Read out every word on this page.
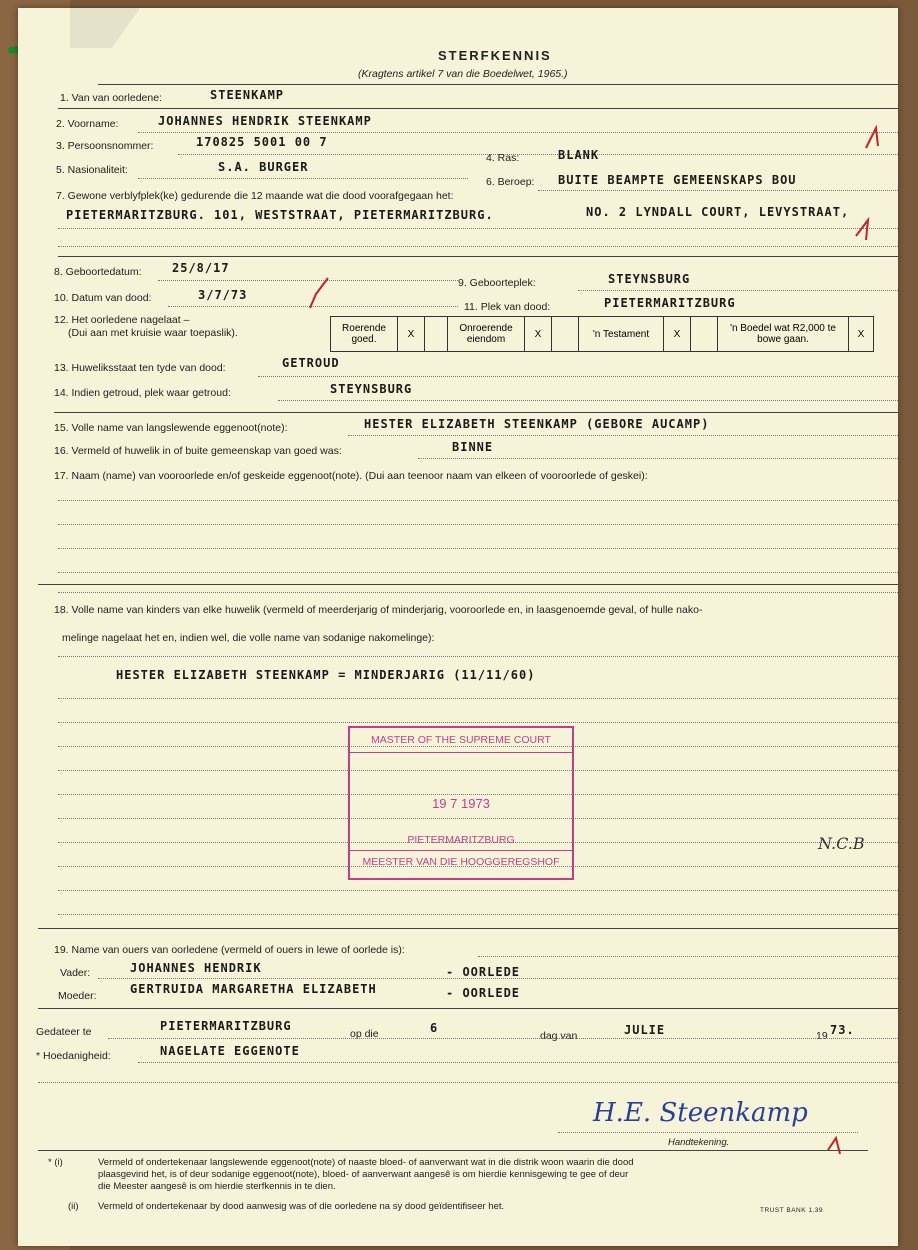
STERFKENNIS
(Kragtens artikel 7 van die Boedelwet, 1965.)
1. Van van oorledene:	STEENKAMP
2. Voorname:	JOHANNES HENDRIK STEENKAMP
3. Persoonsnommer:	170825 5001 00 7
4. Ras:	BLANK
5. Nasionaliteit:	S.A. BURGER
6. Beroep: BUITE BEAMPTE GEMEENSKAPS BOU
7. Gewone verblyfplek(ke) gedurende die 12 maande wat die dood voorafgegaan het:
NO. 2 LYNDALL COURT, LEVYSTRAAT,
PIETERMARITZBURG. 101, WESTSTRAAT, PIETERMARITZBURG.
8. Geboortedatum:	25/8/17
9. Geboorteplek:	STEYNSBURG
10. Datum van dood:	3/7/73
11. Plek van dood:	PIETERMARITZBURG
12. Het oorledene nagelaat –
(Dui aan met kruisie waar toepaslik).	Roerende goed.	X		Onroerende eiendom	X		'n Testament	X		'n Boedel wat R2,000 te bowe gaan.	X
13. Huweliksstaat ten tyde van dood:	GETROUD
14. Indien getroud, plek waar getroud:	STEYNSBURG
15. Volle name van langslewende eggenoot(note):	HESTER ELIZABETH STEENKAMP (GEBORE AUCAMP)
16. Vermeld of huwelik in of buite gemeenskap van goed was:	BINNE
17. Naam (name) van vooroorlede en/of geskeide eggenoot(note). (Dui aan teenoor naam van elkeen of vooroorlede of geskei):
18. Volle name van kinders van elke huwelik (vermeld of meerderjarig of minderjarig, vooroorlede en, in laasgenoemde geval, of hulle nako-
melinge nagelaat het en, indien wel, die volle name van sodanige nakomelinge):
HESTER ELIZABETH STEENKAMP = MINDERJARIG (11/11/60)
MASTER OF THE SUPREME COURT
19 7 1973
PIETERMARITZBURG
MEESTER VAN DIE HOOGGEREGSHOF
N.C.B
19. Name van ouers van oorledene (vermeld of ouers in lewe of oorlede is):
Vader:	JOHANNES HENDRIK	- OORLEDE
Moeder:	GERTRUIDA MARGARETHA ELIZABETH	- OORLEDE
Gedateer te	PIETERMARITZBURG
op die	6
dag van	JULIE	19 73.
* Hoedanigheid:	NAGELATE EGGENOTE
H.E. Steenkamp
Handtekening.
* (i)	Vermeld of ondertekenaar langslewende eggenoot(note) of naaste bloed- of aanverwant wat in die distrik woon waarin die dood
plaasgevind het, is of deur sodanige eggenoot(note), bloed- of aanverwant aangesê is om hierdie kennisgewing te gee of deur
die Meester aangesê is om hierdie sterfkennis in te dien.
(ii) Vermeld of ondertekenaar by dood aanwesig was of die oorledene na sy dood geïdentifiseer het.	TRUST BANK 1.39
